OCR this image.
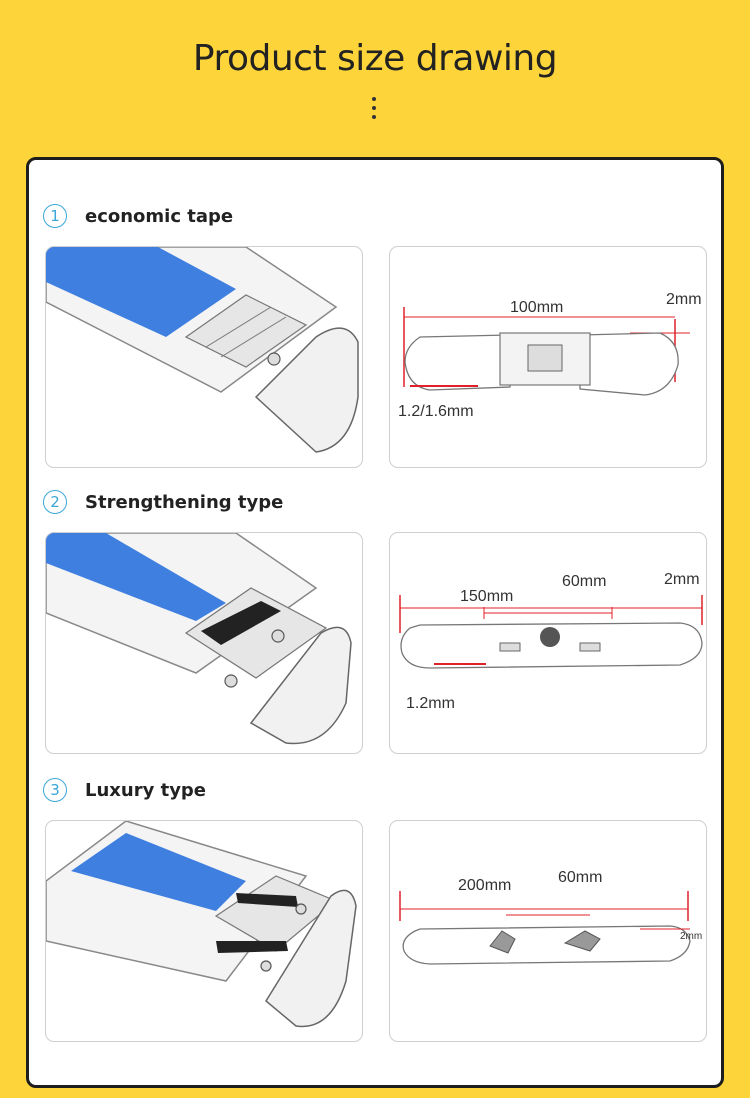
Product size drawing
1	economic tape
100mm	2mm
1.2/1.6mm
2	Strengthening type
150mm
60mm	2mm
1.2mm
3	Luxury type
200mm	60mm
2mm
